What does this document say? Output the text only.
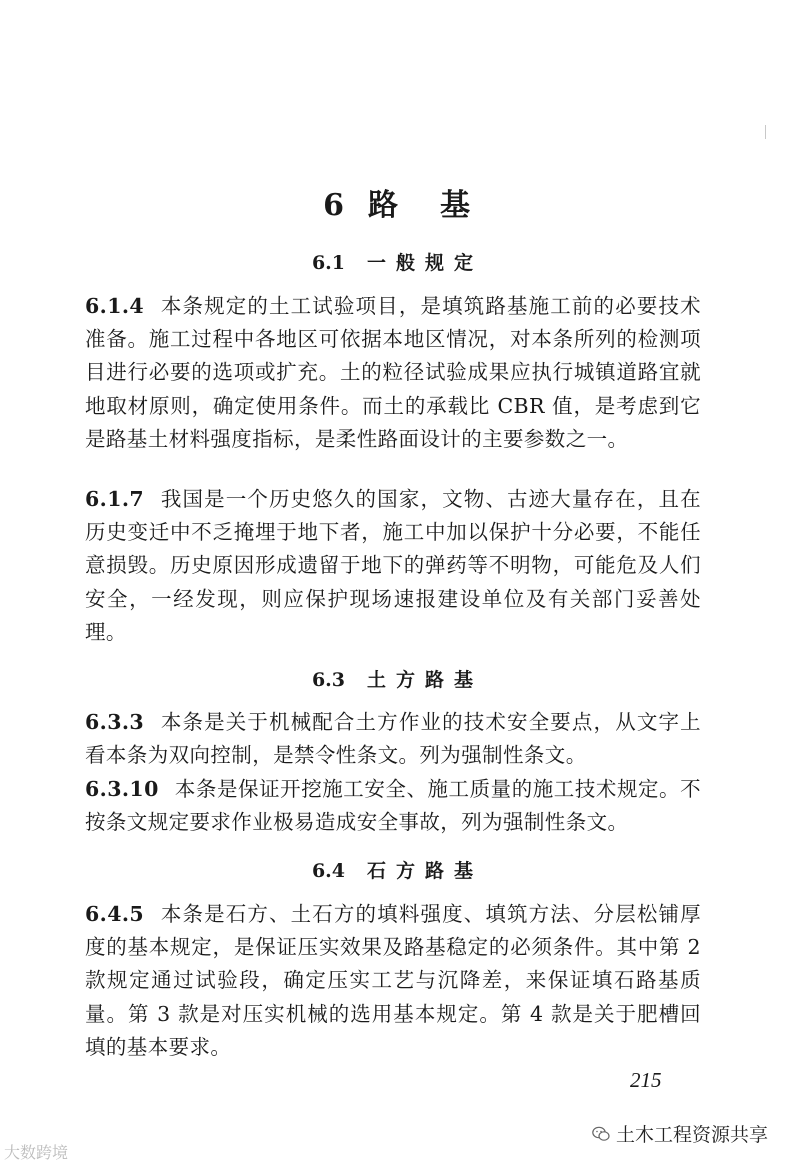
6 路 基
6.1 一般规定
6.1.4 本条规定的土工试验项目，是填筑路基施工前的必要技术准备。施工过程中各地区可依据本地区情况，对本条所列的检测项目进行必要的选项或扩充。土的粒径试验成果应执行城镇道路宜就地取材原则，确定使用条件。而土的承载比 CBR 值，是考虑到它是路基土材料强度指标，是柔性路面设计的主要参数之一。
6.1.7 我国是一个历史悠久的国家，文物、古迹大量存在，且在历史变迁中不乏掩埋于地下者，施工中加以保护十分必要，不能任意损毁。历史原因形成遗留于地下的弹药等不明物，可能危及人们安全，一经发现，则应保护现场速报建设单位及有关部门妥善处理。
6.3 土方路基
6.3.3 本条是关于机械配合土方作业的技术安全要点，从文字上看本条为双向控制，是禁令性条文。列为强制性条文。
6.3.10 本条是保证开挖施工安全、施工质量的施工技术规定。不按条文规定要求作业极易造成安全事故，列为强制性条文。
6.4 石方路基
6.4.5 本条是石方、土石方的填料强度、填筑方法、分层松铺厚度的基本规定，是保证压实效果及路基稳定的必须条件。其中第 2 款规定通过试验段，确定压实工艺与沉降差，来保证填石路基质量。第 3 款是对压实机械的选用基本规定。第 4 款是关于肥槽回填的基本要求。
215
大数跨境
土木工程资源共享
